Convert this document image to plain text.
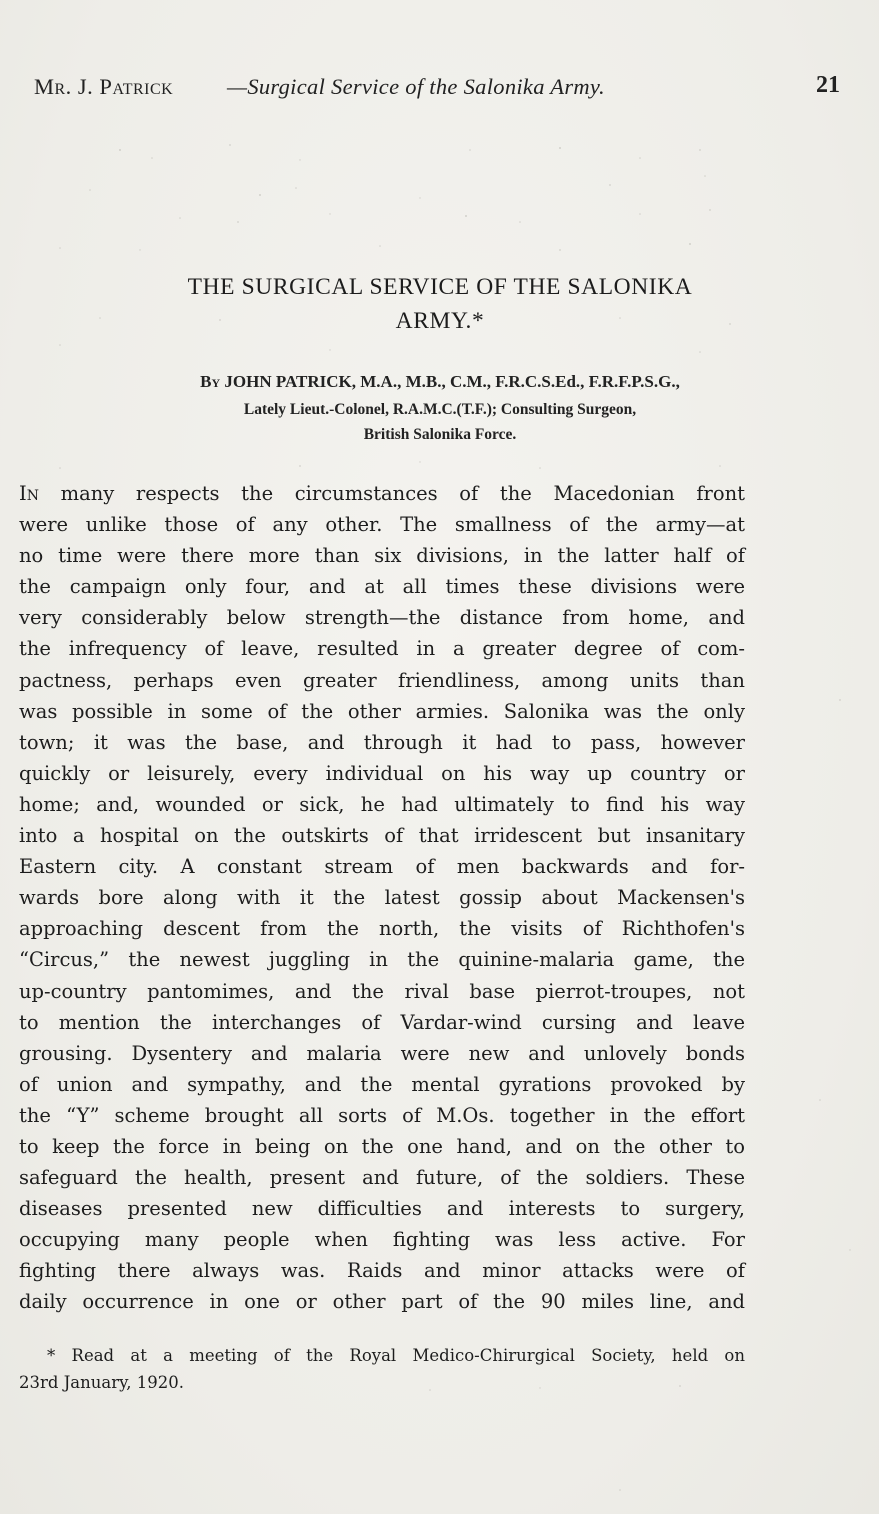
Mr. J. Patrick —Surgical Service of the Salonika Army.	21
THE SURGICAL SERVICE OF THE SALONIKA
ARMY.*
By JOHN PATRICK, M.A., M.B., C.M., F.R.C.S.Ed., F.R.F.P.S.G.,
Lately Lieut.-Colonel, R.A.M.C.(T.F.); Consulting Surgeon,
British Salonika Force.
In many respects the circumstances of the Macedonian front
were unlike those of any other. The smallness of the army—at
no time were there more than six divisions, in the latter half of
the campaign only four, and at all times these divisions were
very considerably below strength—the distance from home, and
the infrequency of leave, resulted in a greater degree of com-
pactness, perhaps even greater friendliness, among units than
was possible in some of the other armies. Salonika was the only
town; it was the base, and through it had to pass, however
quickly or leisurely, every individual on his way up country or
home; and, wounded or sick, he had ultimately to find his way
into a hospital on the outskirts of that irridescent but insanitary
Eastern city. A constant stream of men backwards and for-
wards bore along with it the latest gossip about Mackensen's
approaching descent from the north, the visits of Richthofen's
“Circus,” the newest juggling in the quinine-malaria game, the
up-country pantomimes, and the rival base pierrot-troupes, not
to mention the interchanges of Vardar-wind cursing and leave
grousing. Dysentery and malaria were new and unlovely bonds
of union and sympathy, and the mental gyrations provoked by
the “Y” scheme brought all sorts of M.Os. together in the effort
to keep the force in being on the one hand, and on the other to
safeguard the health, present and future, of the soldiers. These
diseases presented new difficulties and interests to surgery,
occupying many people when fighting was less active. For
fighting there always was. Raids and minor attacks were of
daily occurrence in one or other part of the 90 miles line, and
* Read at a meeting of the Royal Medico-Chirurgical Society, held on
23rd January, 1920.
